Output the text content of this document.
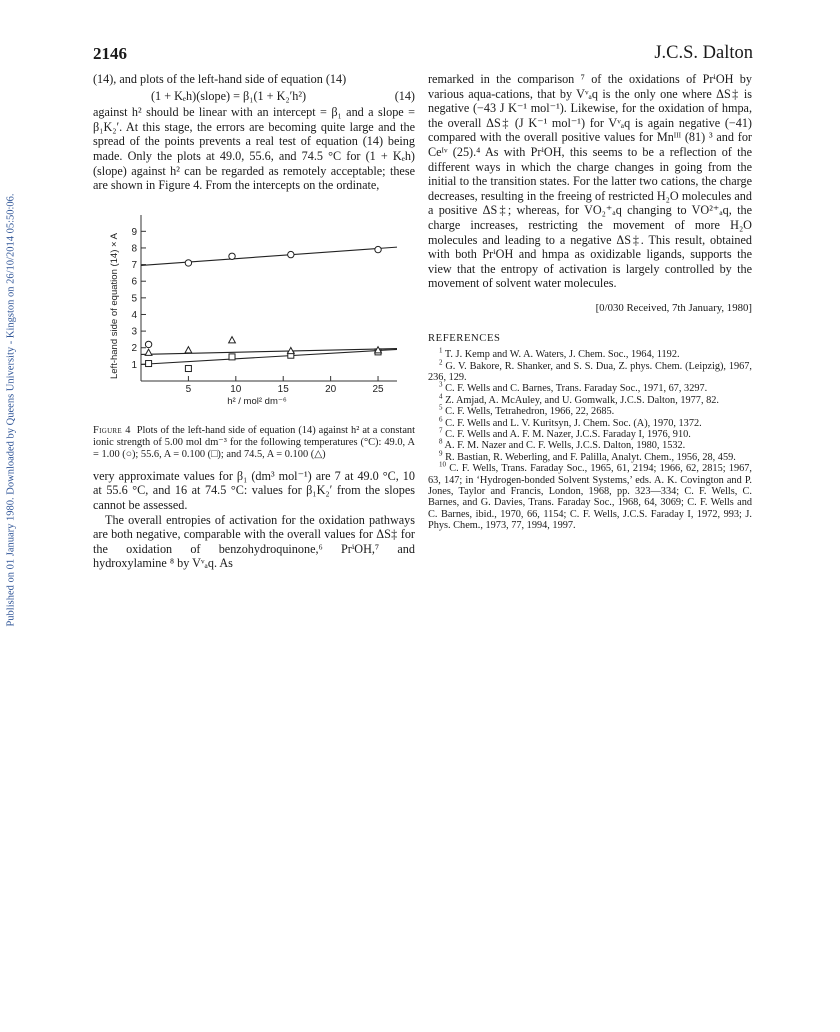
Published on 01 January 1980. Downloaded by Queens University - Kingston on 26/10/2014 05:50:06.
2146	J.C.S. Dalton

(14), and plots of the left-hand side of equation (14)

(1 + Kₑh)(slope) = β₁(1 + K₂′h²)	(14)

against h² should be linear with an intercept = β₁ and a slope = β₁K₂′. At this stage, the errors are becoming quite large and the spread of the points prevents a real test of equation (14) being made. Only the plots at 49.0, 55.6, and 74.5 °C for (1 + Kₑh)(slope) against h² can be regarded as remotely acceptable; these are shown in Figure 4. From the intercepts on the ordinate,

5	10	15	20	25
1
2
3
4
5
6
7
8
9
h² / mol² dm⁻⁶
Left-hand side of equation (14) × A

Figure 4 Plots of the left-hand side of equation (14) against h² at a constant ionic strength of 5.00 mol dm⁻³ for the following temperatures (°C): 49.0, A = 1.00 (○); 55.6, A = 0.100 (□); and 74.5, A = 0.100 (△)

very approximate values for β₁ (dm³ mol⁻¹) are 7 at 49.0 °C, 10 at 55.6 °C, and 16 at 74.5 °C: values for β₁K₂′ from the slopes cannot be assessed.

The overall entropies of activation for the oxidation pathways are both negative, comparable with the overall values for ΔS‡ for the oxidation of benzohydroquinone,⁶ PrⁱOH,⁷ and hydroxylamine ⁸ by Vᵛₐq. As

remarked in the comparison ⁷ of the oxidations of PrⁱOH by various aqua-cations, that by Vᵛₐq is the only one where ΔS‡ is negative (−43 J K⁻¹ mol⁻¹). Likewise, for the oxidation of hmpa, the overall ΔS‡ (J K⁻¹ mol⁻¹) for Vᵛₐq is again negative (−41) compared with the overall positive values for Mnᴵᴵᴵ (81) ³ and for Ceᴵᵛ (25).⁴ As with PrⁱOH, this seems to be a reflection of the different ways in which the charge changes in going from the initial to the transition states. For the latter two cations, the charge decreases, resulting in the freeing of restricted H₂O molecules and a positive ΔS‡; whereas, for VO₂⁺ₐq changing to VO²⁺ₐq, the charge increases, restricting the movement of more H₂O molecules and leading to a negative ΔS‡. This result, obtained with both PrⁱOH and hmpa as oxidizable ligands, supports the view that the entropy of activation is largely controlled by the movement of solvent water molecules.

[0/030 Received, 7th January, 1980]
REFERENCES

$^1$ T. J. Kemp and W. A. Waters, J. Chem. Soc., 1964, 1192.

$^2$ G. V. Bakore, R. Shanker, and S. S. Dua, Z. phys. Chem. (Leipzig), 1967, 236, 129.

$^3$ C. F. Wells and C. Barnes, Trans. Faraday Soc., 1971, 67, 3297.

$^4$ Z. Amjad, A. McAuley, and U. Gomwalk, J.C.S. Dalton, 1977, 82.

$^5$ C. F. Wells, Tetrahedron, 1966, 22, 2685.

$^6$ C. F. Wells and L. V. Kuritsyn, J. Chem. Soc. (A), 1970, 1372.

$^7$ C. F. Wells and A. F. M. Nazer, J.C.S. Faraday I, 1976, 910.

$^8$ A. F. M. Nazer and C. F. Wells, J.C.S. Dalton, 1980, 1532.

$^9$ R. Bastian, R. Weberling, and F. Palilla, Analyt. Chem., 1956, 28, 459.

$^{10}$ C. F. Wells, Trans. Faraday Soc., 1965, 61, 2194; 1966, 62, 2815; 1967, 63, 147; in ‘Hydrogen-bonded Solvent Systems,’ eds. A. K. Covington and P. Jones, Taylor and Francis, London, 1968, pp. 323—334; C. F. Wells, C. Barnes, and G. Davies, Trans. Faraday Soc., 1968, 64, 3069; C. F. Wells and C. Barnes, ibid., 1970, 66, 1154; C. F. Wells, J.C.S. Faraday I, 1972, 993; J. Phys. Chem., 1973, 77, 1994, 1997.
